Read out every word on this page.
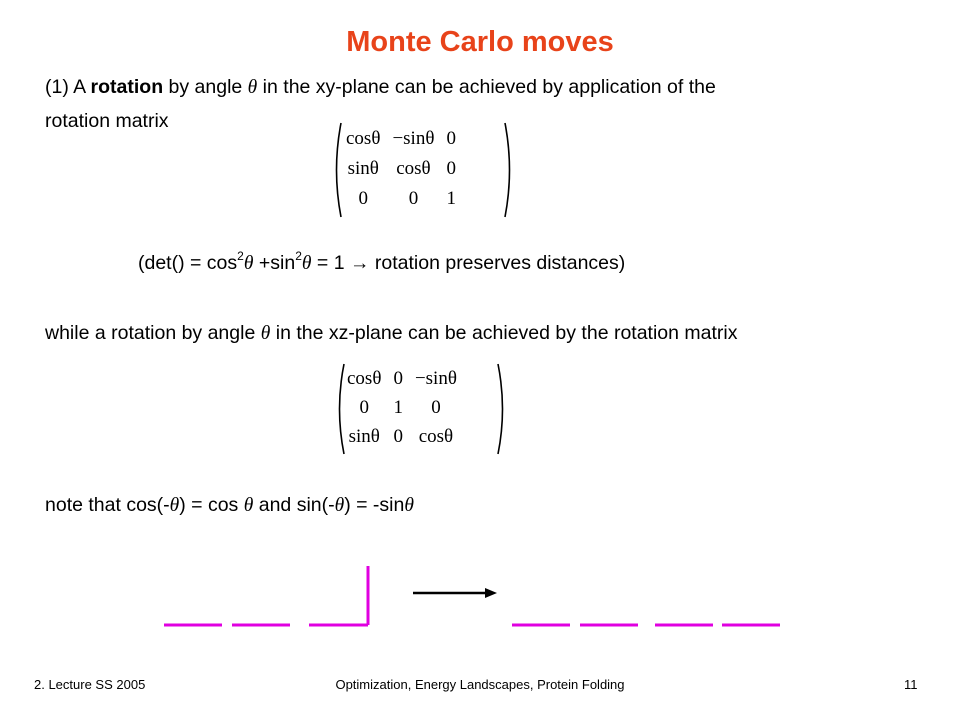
Monte Carlo moves
(1) A rotation by angle θ in the xy-plane can be achieved by application of the
rotation matrix
cosθ	−sinθ	0
sinθ	cosθ	0
0	0	1
($\det() = \cos^2\theta +\sin^2\theta = 1$ → rotation preserves distances)
while a rotation by angle θ in the xz-plane can be achieved by the rotation matrix
cosθ	0	−sinθ
0	1	0
sinθ	0	cosθ
note that cos(-θ) = cos θ and sin(-θ) = -sinθ
2. Lecture SS 2005	Optimization, Energy Landscapes, Protein Folding	11
